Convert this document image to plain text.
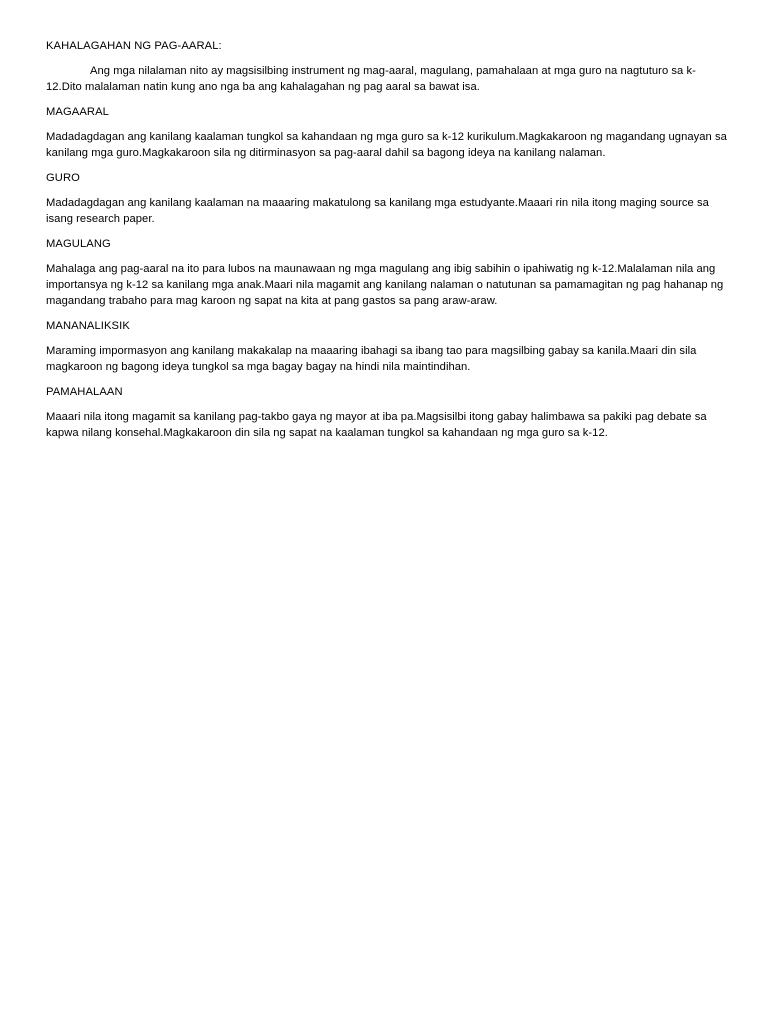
KAHALAGAHAN NG PAG-AARAL:

Ang mga nilalaman nito ay magsisilbing instrument ng mag-aaral, magulang, pamahalaan at mga guro na nagtuturo sa k-12.Dito malalaman natin kung ano nga ba ang kahalagahan ng pag aaral sa bawat isa.

MAGAARAL

Madadagdagan ang kanilang kaalaman tungkol sa kahandaan ng mga guro sa k-12 kurikulum.Magkakaroon ng magandang ugnayan sa kanilang mga guro.Magkakaroon sila ng ditirminasyon sa pag-aaral dahil sa bagong ideya na kanilang nalaman.

GURO

Madadagdagan ang kanilang kaalaman na maaaring makatulong sa kanilang mga estudyante.Maaari rin nila itong maging source sa isang research paper.

MAGULANG

Mahalaga ang pag-aaral na ito para lubos na maunawaan ng mga magulang ang ibig sabihin o ipahiwatig ng k-12.Malalaman nila ang importansya ng k-12 sa kanilang mga anak.Maari nila magamit ang kanilang nalaman o natutunan sa pamamagitan ng pag hahanap ng magandang trabaho para mag karoon ng sapat na kita at pang gastos sa pang araw-araw.

MANANALIKSIK

Maraming impormasyon ang kanilang makakalap na maaaring ibahagi sa ibang tao para magsilbing gabay sa kanila.Maari din sila magkaroon ng bagong ideya tungkol sa mga bagay bagay na hindi nila maintindihan.

PAMAHALAAN

Maaari nila itong magamit sa kanilang pag-takbo gaya ng mayor at iba pa.Magsisilbi itong gabay halimbawa sa pakiki pag debate sa kapwa nilang konsehal.Magkakaroon din sila ng sapat na kaalaman tungkol sa kahandaan ng mga guro sa k-12.
